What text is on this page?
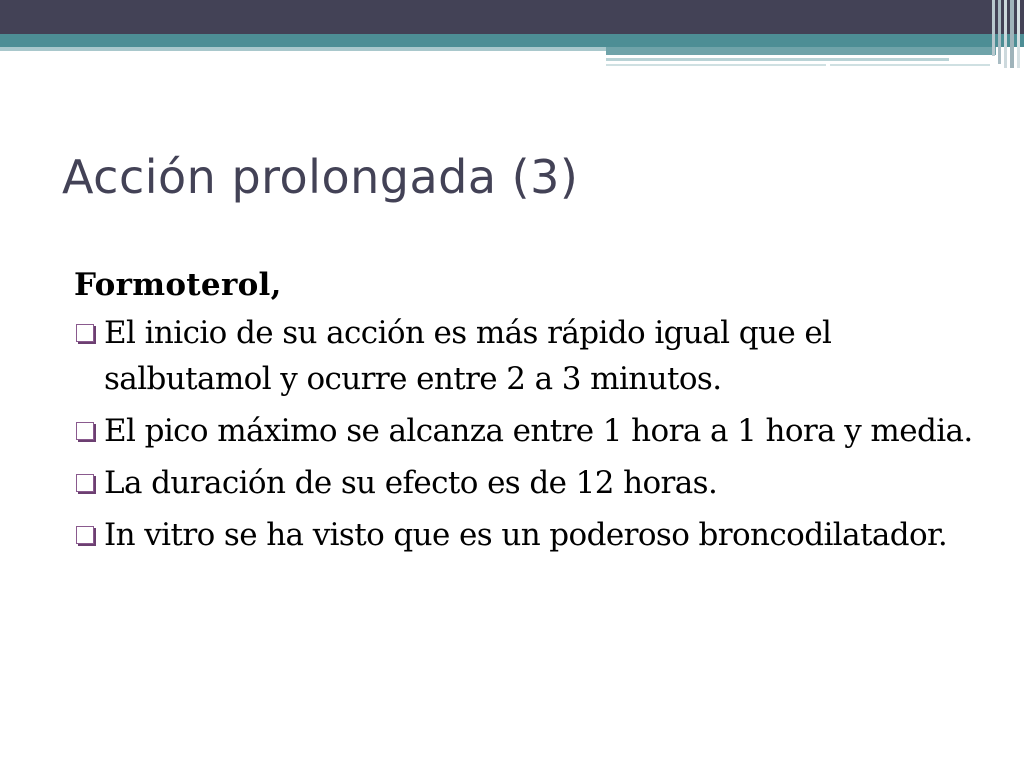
Acción prolongada (3)

Formoterol,

El inicio de su acción es más rápido igual que el salbutamol y ocurre entre 2 a 3 minutos.
El pico máximo se alcanza entre 1 hora a 1 hora y media.
La duración de su efecto es de 12 horas.
In vitro se ha visto que es un poderoso broncodilatador.
